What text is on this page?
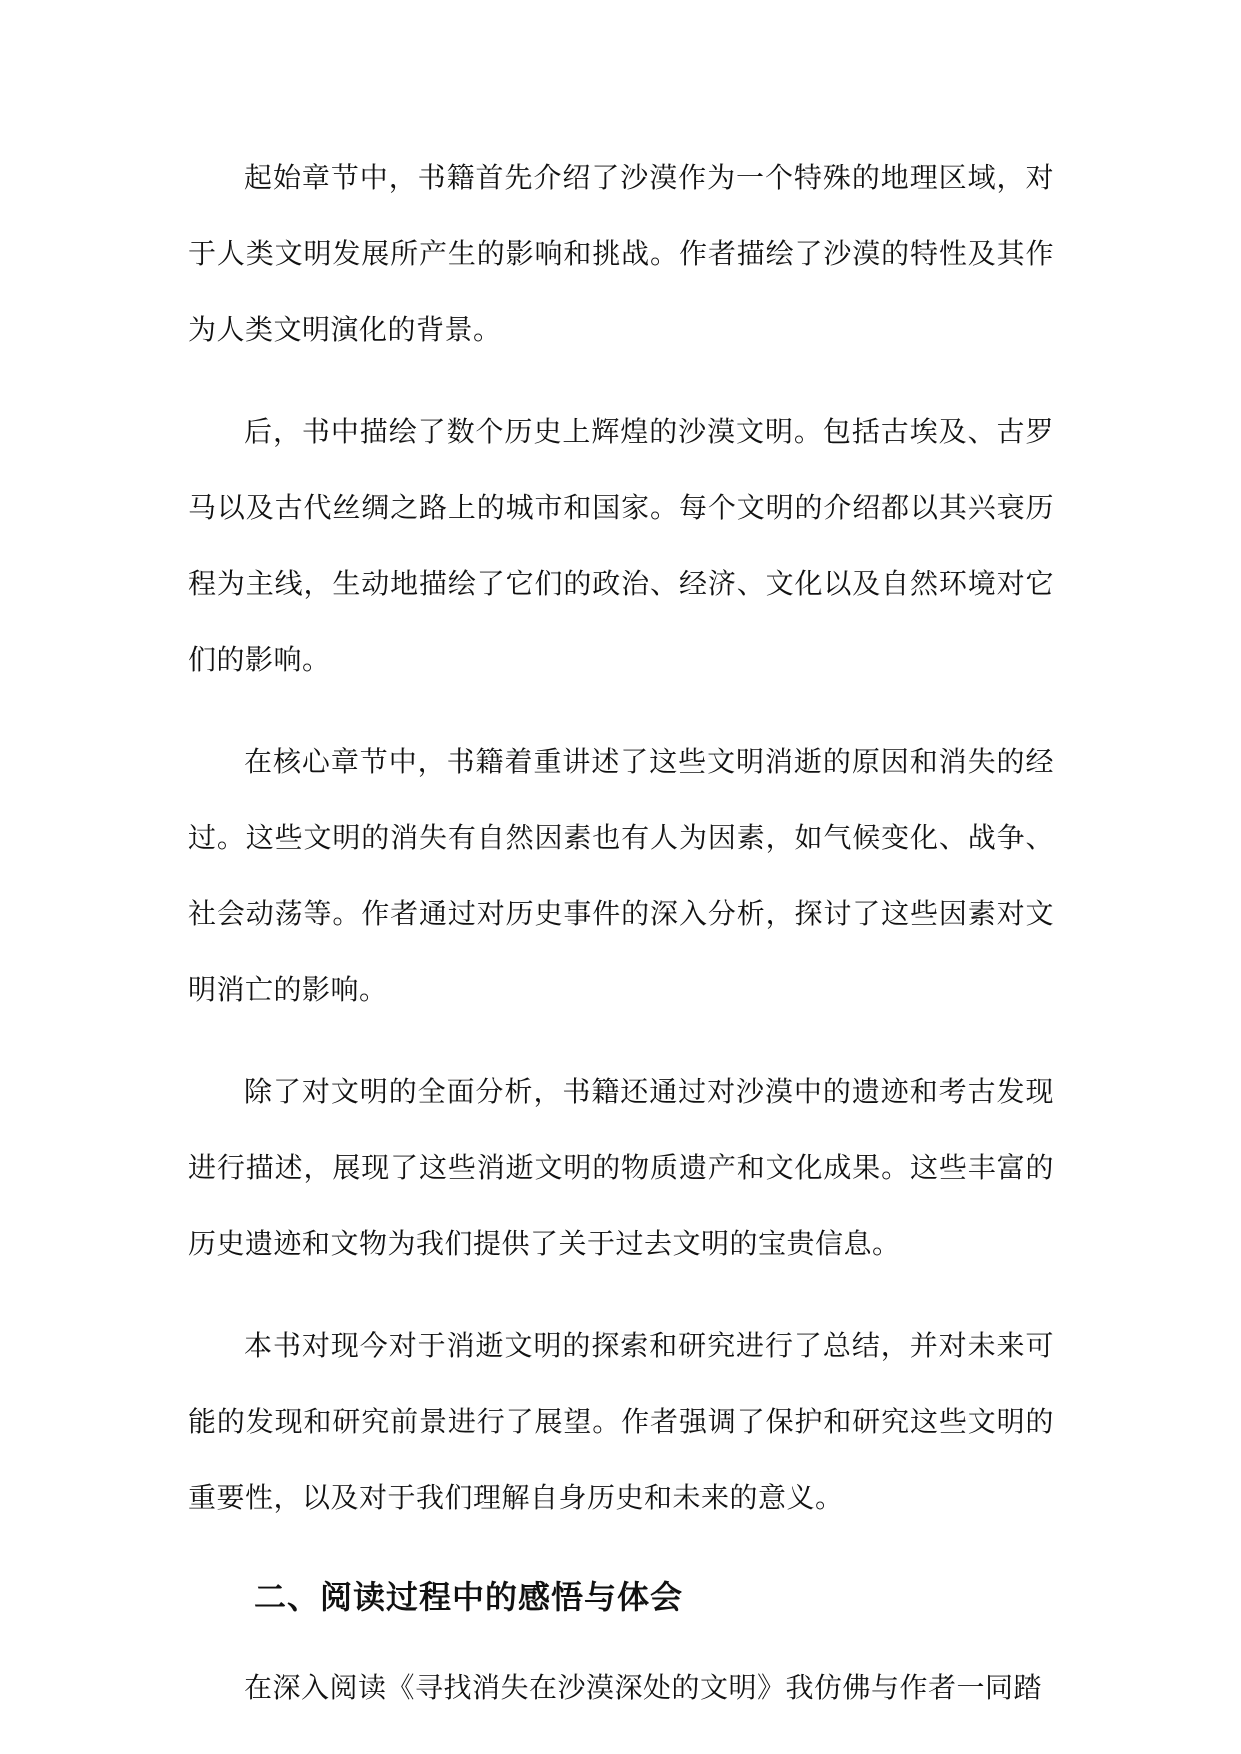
起始章节中，书籍首先介绍了沙漠作为一个特殊的地理区域，对于人类文明发展所产生的影响和挑战。作者描绘了沙漠的特性及其作为人类文明演化的背景。

后，书中描绘了数个历史上辉煌的沙漠文明。包括古埃及、古罗马以及古代丝绸之路上的城市和国家。每个文明的介绍都以其兴衰历程为主线，生动地描绘了它们的政治、经济、文化以及自然环境对它们的影响。

在核心章节中，书籍着重讲述了这些文明消逝的原因和消失的经过。这些文明的消失有自然因素也有人为因素，如气候变化、战争、社会动荡等。作者通过对历史事件的深入分析，探讨了这些因素对文明消亡的影响。

除了对文明的全面分析，书籍还通过对沙漠中的遗迹和考古发现进行描述，展现了这些消逝文明的物质遗产和文化成果。这些丰富的历史遗迹和文物为我们提供了关于过去文明的宝贵信息。

本书对现今对于消逝文明的探索和研究进行了总结，并对未来可能的发现和研究前景进行了展望。作者强调了保护和研究这些文明的重要性，以及对于我们理解自身历史和未来的意义。

二、阅读过程中的感悟与体会

在深入阅读《寻找消失在沙漠深处的文明》我仿佛与作者一同踏
